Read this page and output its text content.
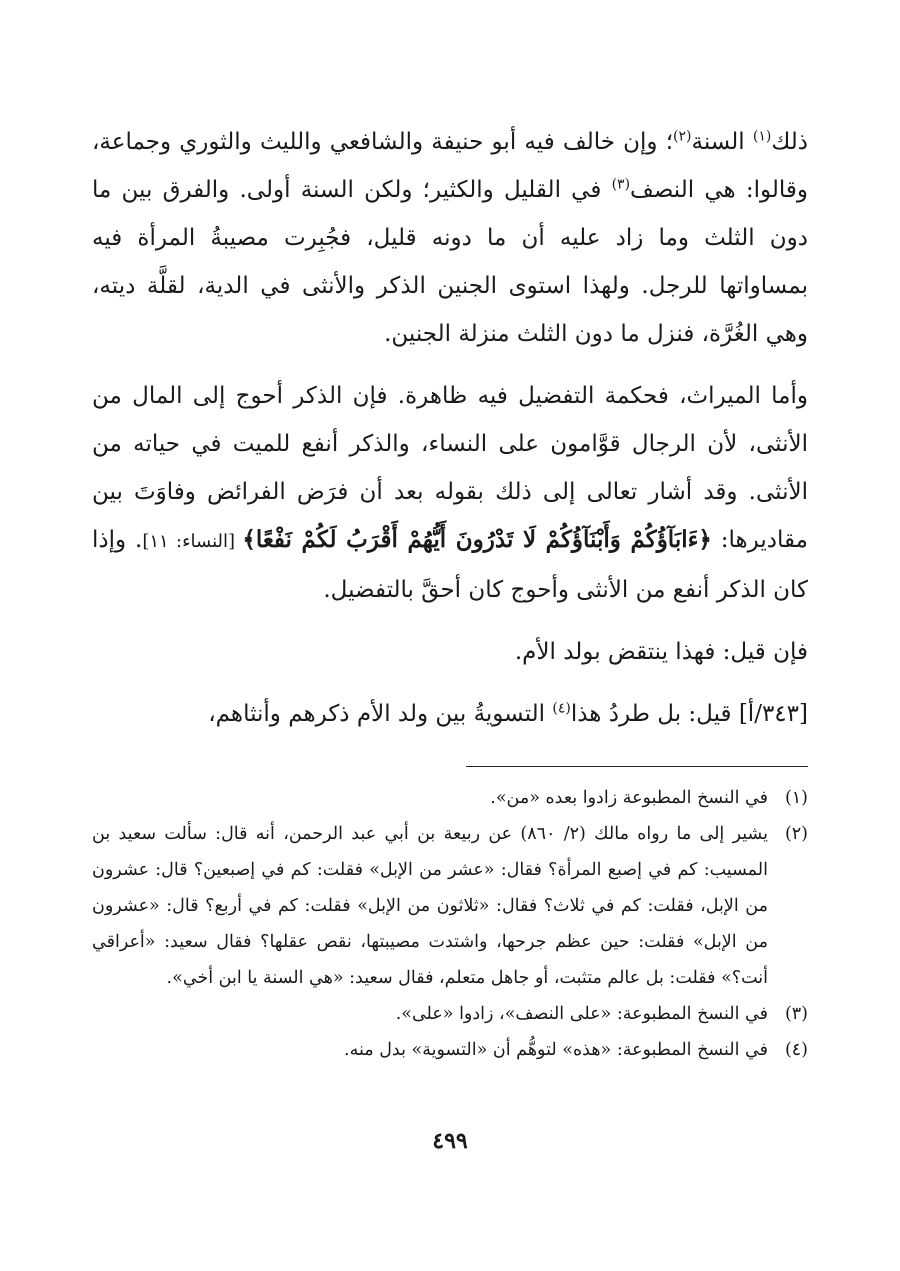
ذلك$^{(١)}$ السنة$^{(٢)}$؛ وإن خالف فيه أبو حنيفة والشافعي والليث والثوري وجماعة، وقالوا: هي النصف$^{(٣)}$ في القليل والكثير؛ ولكن السنة أولى. والفرق بين ما دون الثلث وما زاد عليه أن ما دونه قليل، فجُبِرت مصيبةُ المرأة فيه بمساواتها للرجل. ولهذا استوى الجنين الذكر والأنثى في الدية، لقلَّة ديته، وهي الغُرَّة، فنزل ما دون الثلث منزلة الجنين.

وأما الميراث، فحكمة التفضيل فيه ظاهرة. فإن الذكر أحوج إلى المال من الأنثى، لأن الرجال قوَّامون على النساء، والذكر أنفع للميت في حياته من الأنثى. وقد أشار تعالى إلى ذلك بقوله بعد أن فرَض الفرائض وفاوَتَ بين مقاديرها: ﴿ءَابَآؤُكُمْ وَأَبْنَآؤُكُمْ لَا تَدْرُونَ أَيُّهُمْ أَقْرَبُ لَكُمْ نَفْعًا﴾ [النساء: ١١]. وإذا كان الذكر أنفع من الأنثى وأحوج كان أحقَّ بالتفضيل.

فإن قيل: فهذا ينتقض بولد الأم.

[٣٤٣/أ] قيل: بل طردُ هذا$^{(٤)}$ التسويةُ بين ولد الأم ذكرهم وأنثاهم،

(١)
في النسخ المطبوعة زادوا بعده «من».
(٢)
يشير إلى ما رواه مالك (٢/ ٨٦٠) عن ربيعة بن أبي عبد الرحمن، أنه قال: سألت سعيد بن المسيب: كم في إصبع المرأة؟ فقال: «عشر من الإبل» فقلت: كم في إصبعين؟ قال: عشرون من الإبل، فقلت: كم في ثلاث؟ فقال: «ثلاثون من الإبل» فقلت: كم في أربع؟ قال: «عشرون من الإبل» فقلت: حين عظم جرحها، واشتدت مصيبتها، نقص عقلها؟ فقال سعيد: «أعراقي أنت؟» فقلت: بل عالم متثبت، أو جاهل متعلم، فقال سعيد: «هي السنة يا ابن أخي».
(٣)
في النسخ المطبوعة: «على النصف»، زادوا «على».
(٤)
في النسخ المطبوعة: «هذه» لتوهُّم أن «التسوية» بدل منه.
٤٩٩
